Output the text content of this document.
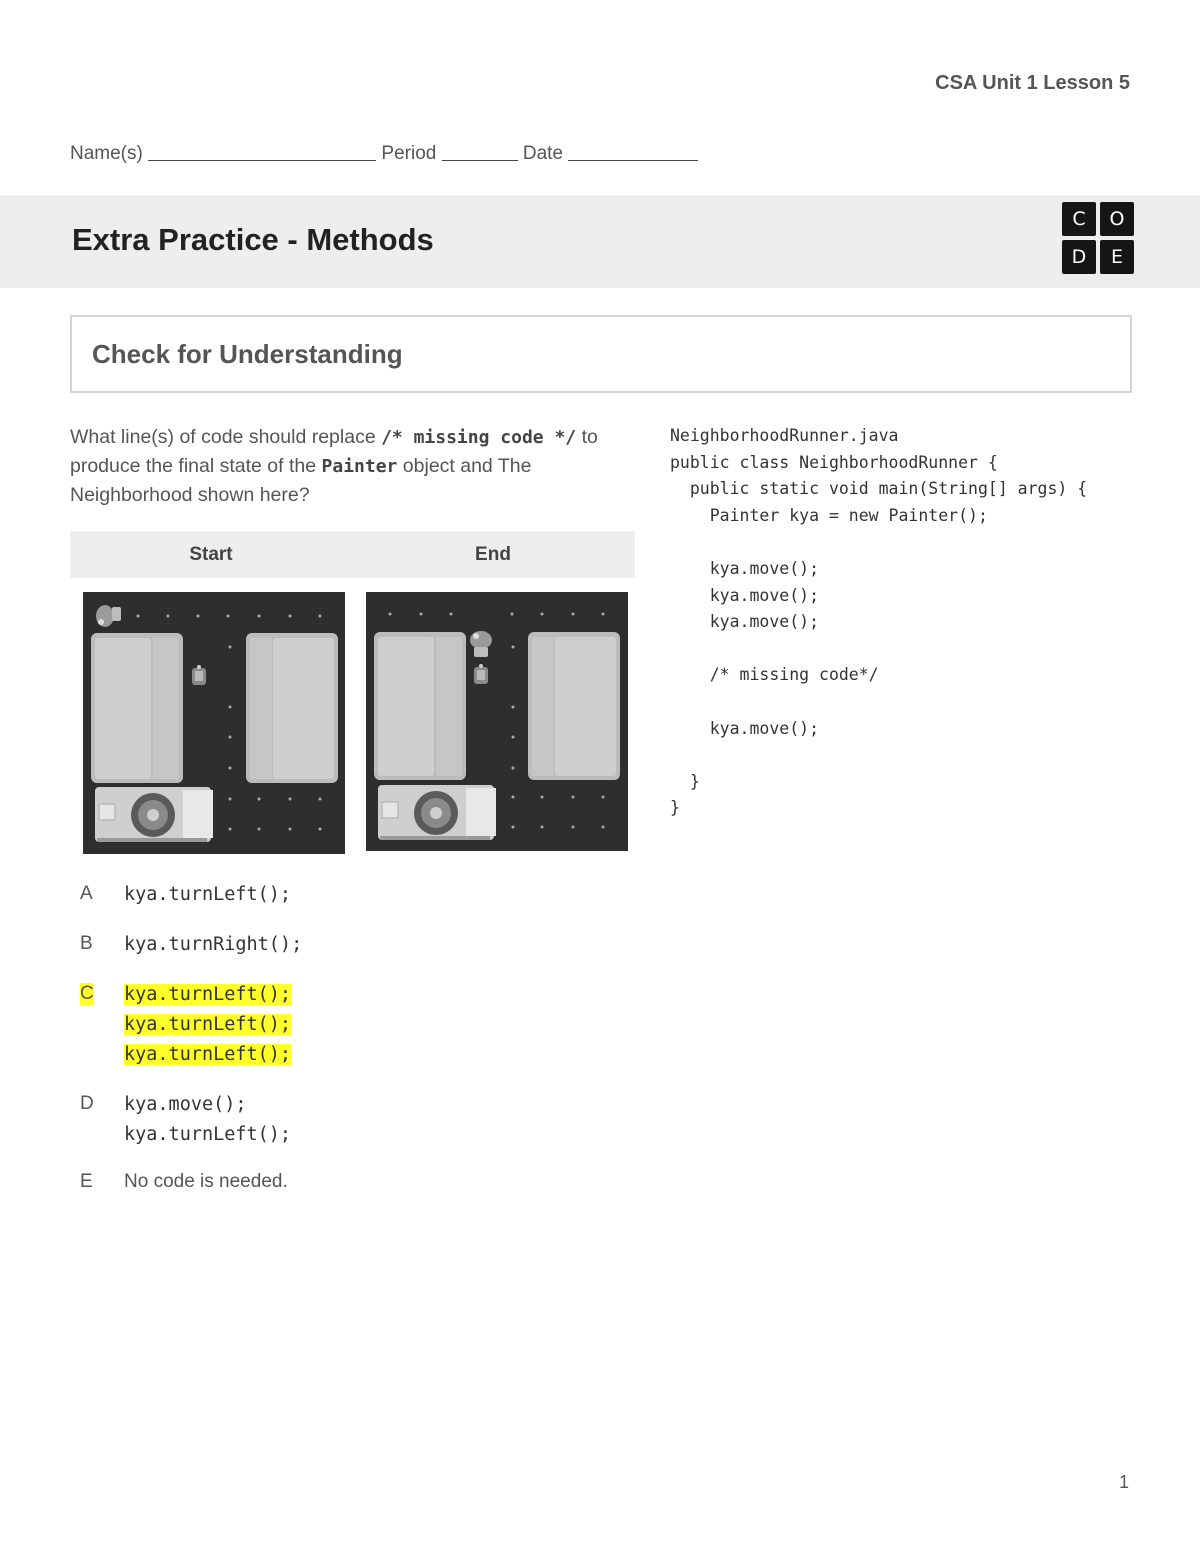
CSA Unit 1 Lesson 5
Name(s)	Period	Date
Extra Practice - Methods
C	O
D	E
Check for Understanding
What line(s) of code should replace /* missing code */ to produce the final state of the Painter object and The Neighborhood shown here?
Start	End
A kya.turnLeft();
B kya.turnRight();
C kya.turnLeft();
kya.turnLeft();
kya.turnLeft();
D kya.move();
kya.turnLeft();
E No code is needed.
NeighborhoodRunner.java
public class NeighborhoodRunner {
public static void main(String[] args) {
Painter kya = new Painter();

kya.move();
kya.move();
kya.move();

/* missing code*/

kya.move();

}
}
1
